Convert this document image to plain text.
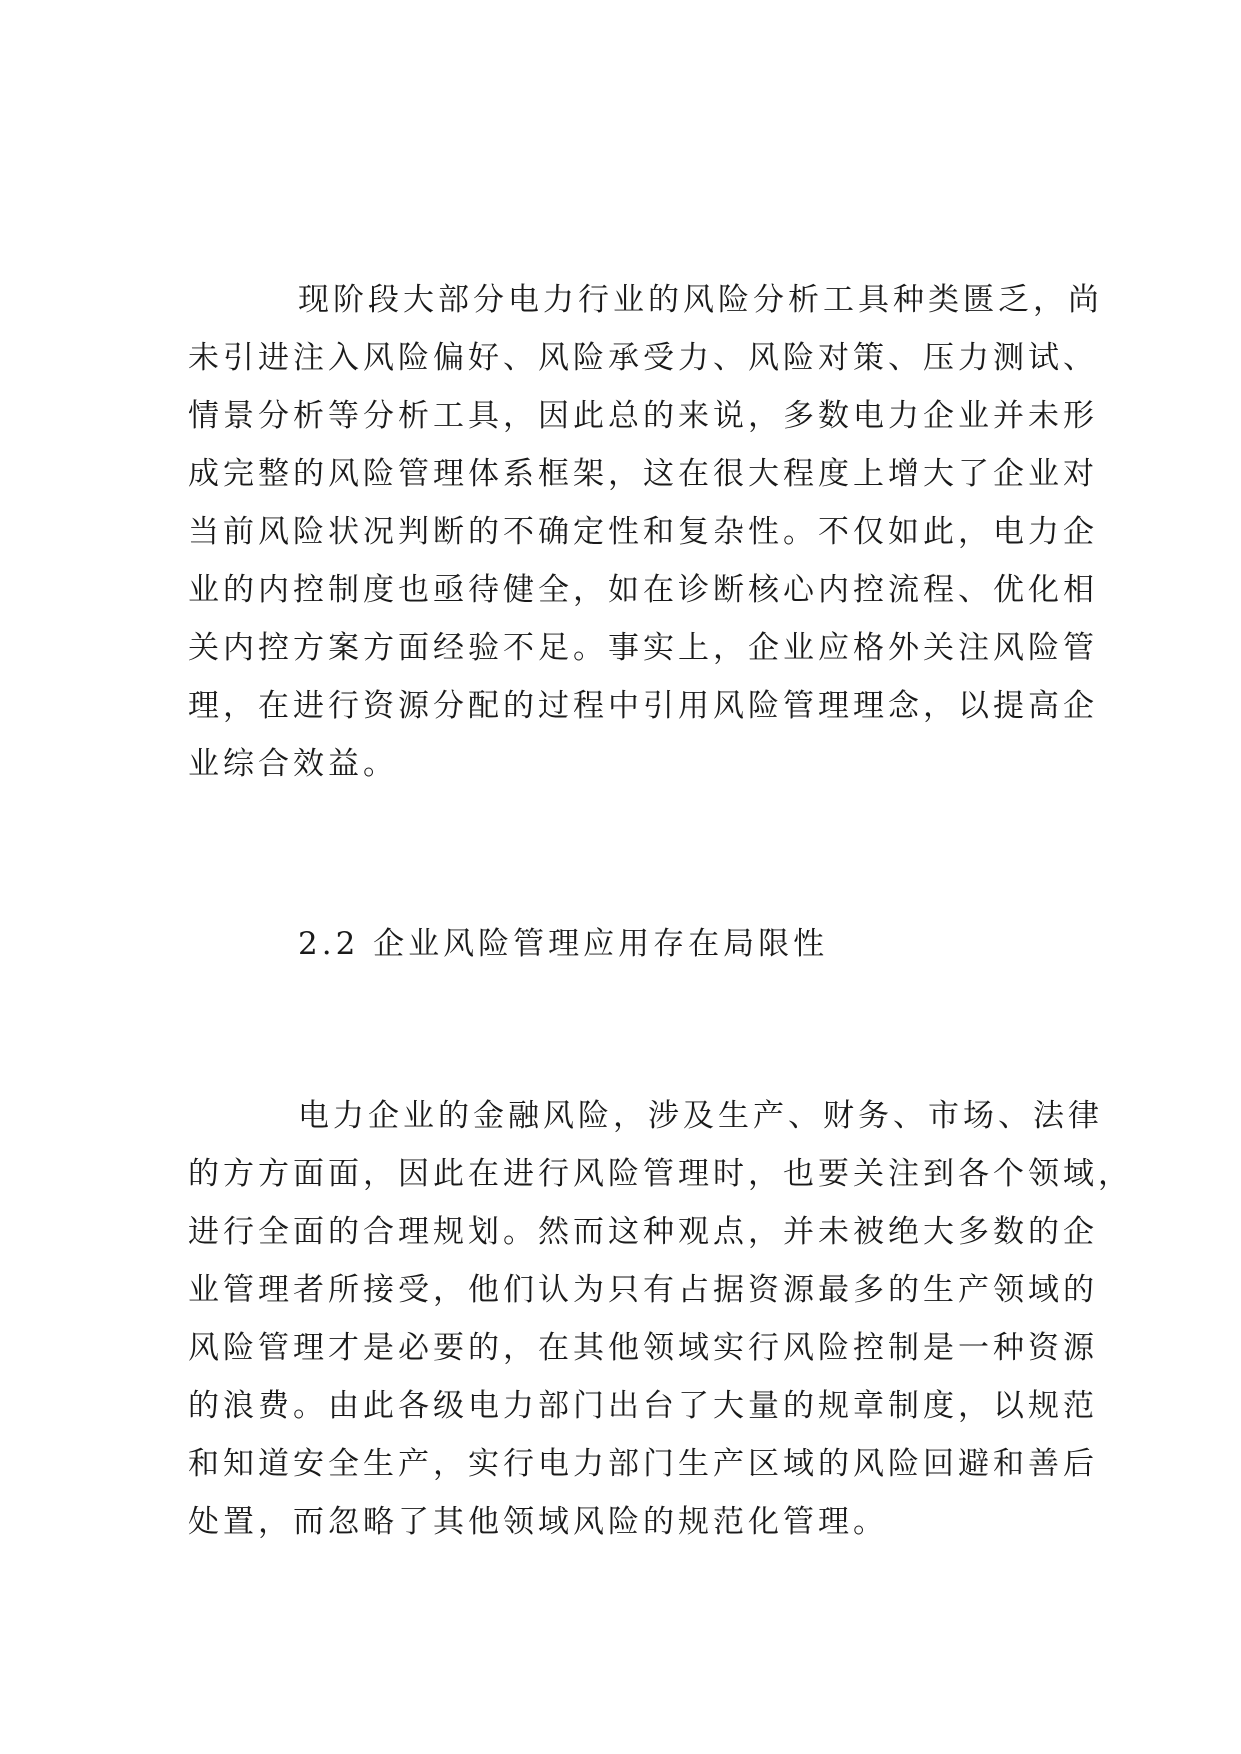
现阶段大部分电力行业的风险分析工具种类匮乏，尚
未引进注入风险偏好、风险承受力、风险对策、压力测试、
情景分析等分析工具，因此总的来说，多数电力企业并未形
成完整的风险管理体系框架，这在很大程度上增大了企业对
当前风险状况判断的不确定性和复杂性。不仅如此，电力企
业的内控制度也亟待健全，如在诊断核心内控流程、优化相
关内控方案方面经验不足。事实上，企业应格外关注风险管
理，在进行资源分配的过程中引用风险管理理念，以提高企
业综合效益。

2.2 企业风险管理应用存在局限性

电力企业的金融风险，涉及生产、财务、市场、法律
的方方面面，因此在进行风险管理时，也要关注到各个领域，
进行全面的合理规划。然而这种观点，并未被绝大多数的企
业管理者所接受，他们认为只有占据资源最多的生产领域的
风险管理才是必要的，在其他领域实行风险控制是一种资源
的浪费。由此各级电力部门出台了大量的规章制度，以规范
和知道安全生产，实行电力部门生产区域的风险回避和善后
处置，而忽略了其他领域风险的规范化管理。
